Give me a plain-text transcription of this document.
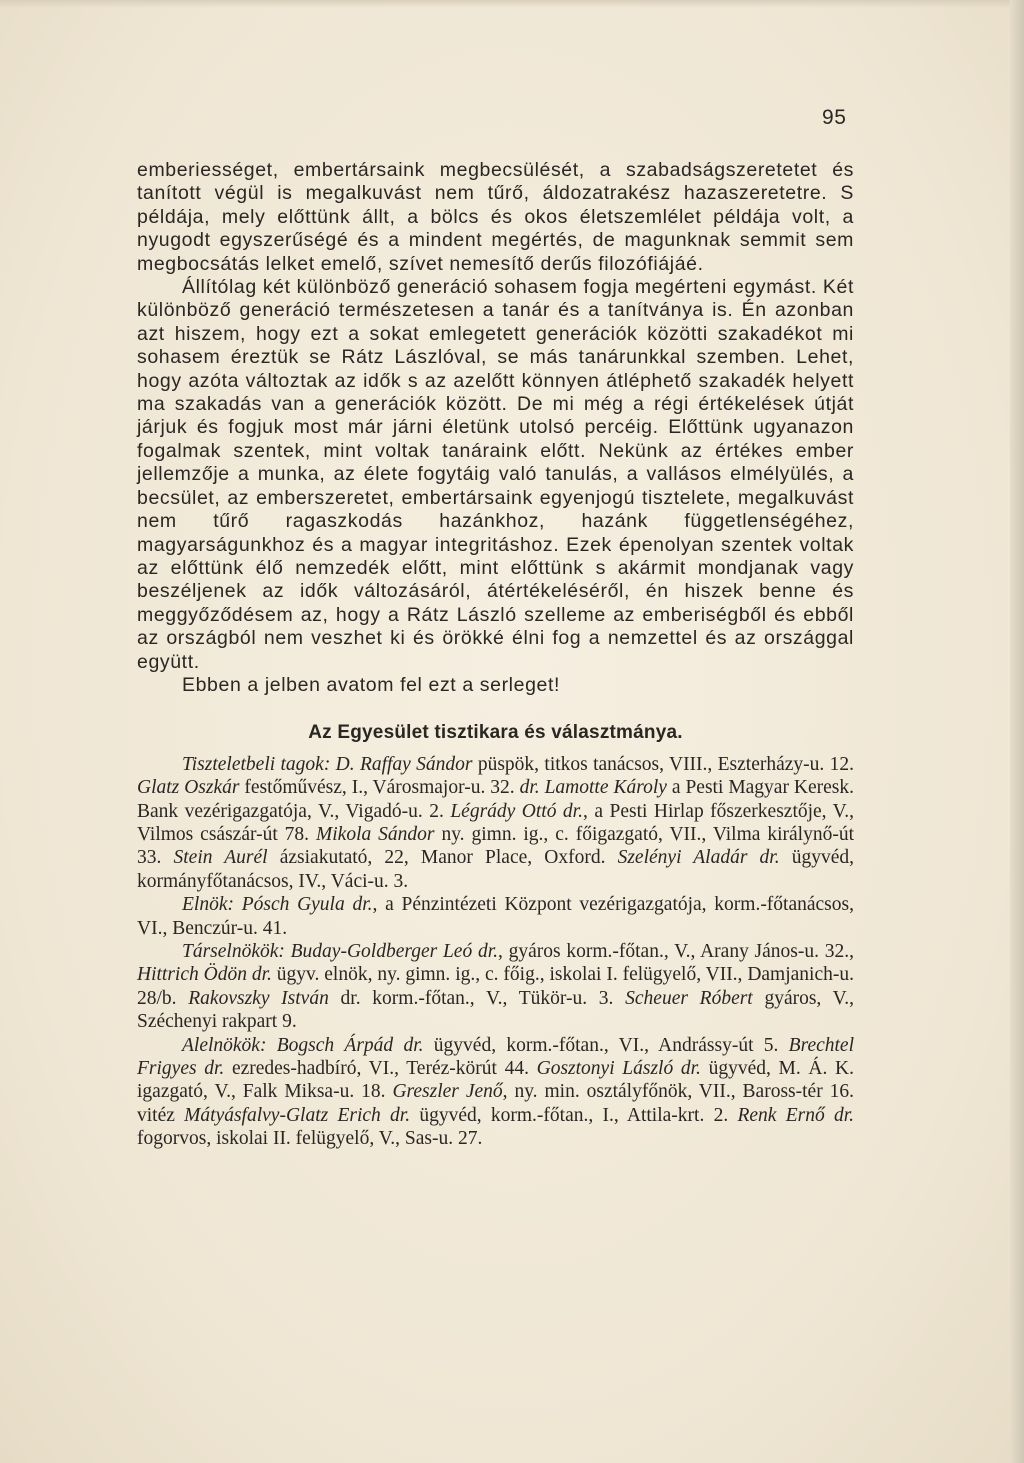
95

emberiességet, embertársaink megbecsülését, a szabadságszeretetet és tanított végül is megalkuvást nem tűrő, áldozatrakész hazaszeretetre. S példája, mely előttünk állt, a bölcs és okos életszemlélet példája volt, a nyugodt egyszerűségé és a mindent megértés, de magunknak semmit sem megbocsátás lelket emelő, szívet nemesítő derűs filozófiájáé.

Állítólag két különböző generáció sohasem fogja megérteni egymást. Két különböző generáció természetesen a tanár és a tanítványa is. Én azonban azt hiszem, hogy ezt a sokat emlegetett generációk közötti szakadékot mi sohasem éreztük se Rátz Lászlóval, se más tanárunkkal szemben. Lehet, hogy azóta változtak az idők s az azelőtt könnyen átléphető szakadék helyett ma szakadás van a generációk között. De mi még a régi értékelések útját járjuk és fogjuk most már járni életünk utolsó percéig. Előttünk ugyanazon fogalmak szentek, mint voltak tanáraink előtt. Nekünk az értékes ember jellemzője a munka, az élete fogytáig való tanulás, a vallásos elmélyülés, a becsület, az emberszeretet, embertársaink egyenjogú tisztelete, megalkuvást nem tűrő ragaszkodás hazánkhoz, hazánk függetlenségéhez, magyarságunkhoz és a magyar integritáshoz. Ezek épenolyan szentek voltak az előttünk élő nemzedék előtt, mint előttünk s akármit mondjanak vagy beszéljenek az idők változásáról, átértékeléséről, én hiszek benne és meggyőződésem az, hogy a Rátz László szelleme az emberiségből és ebből az országból nem veszhet ki és örökké élni fog a nemzettel és az országgal együtt.

Ebben a jelben avatom fel ezt a serleget!

Az Egyesület tisztikara és választmánya.

Tiszteletbeli tagok: D. Raffay Sándor püspök, titkos tanácsos, VIII., Eszterházy-u. 12. Glatz Oszkár festőművész, I., Városmajor-u. 32. dr. Lamotte Károly a Pesti Magyar Keresk. Bank vezérigazgatója, V., Vigadó-u. 2. Légrády Ottó dr., a Pesti Hirlap főszerkesztője, V., Vilmos császár-út 78. Mikola Sándor ny. gimn. ig., c. főigazgató, VII., Vilma királynő-út 33. Stein Aurél ázsiakutató, 22, Manor Place, Oxford. Szelényi Aladár dr. ügyvéd, kormányfőtanácsos, IV., Váci-u. 3.

Elnök: Pósch Gyula dr., a Pénzintézeti Központ vezérigazgatója, korm.-főtanácsos, VI., Benczúr-u. 41.

Társelnökök: Buday-Goldberger Leó dr., gyáros korm.-főtan., V., Arany János-u. 32., Hittrich Ödön dr. ügyv. elnök, ny. gimn. ig., c. főig., iskolai I. felügyelő, VII., Damjanich-u. 28/b. Rakovszky István dr. korm.-főtan., V., Tükör-u. 3. Scheuer Róbert gyáros, V., Széchenyi rakpart 9.

Alelnökök: Bogsch Árpád dr. ügyvéd, korm.-főtan., VI., Andrássy-út 5. Brechtel Frigyes dr. ezredes-hadbíró, VI., Teréz-körút 44. Gosztonyi László dr. ügyvéd, M. Á. K. igazgató, V., Falk Miksa-u. 18. Greszler Jenő, ny. min. osztályfőnök, VII., Baross-tér 16. vitéz Mátyásfalvy-Glatz Erich dr. ügyvéd, korm.-főtan., I., Attila-krt. 2. Renk Ernő dr. fogorvos, iskolai II. felügyelő, V., Sas-u. 27.
